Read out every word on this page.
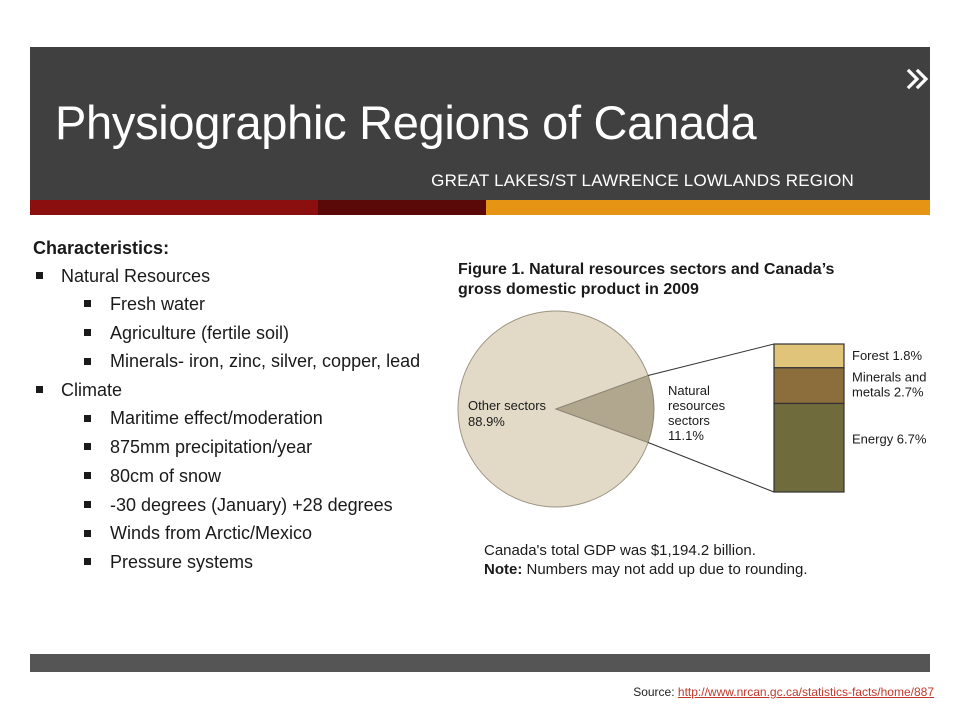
Physiographic Regions of Canada
GREAT LAKES/ST LAWRENCE LOWLANDS REGION
Characteristics:
Natural Resources
Fresh water
Agriculture (fertile soil)
Minerals- iron, zinc, silver, copper, lead
Climate
Maritime effect/moderation
875mm precipitation/year
80cm of snow
-30 degrees (January) +28 degrees
Winds from Arctic/Mexico
Pressure systems
Figure 1. Natural resources sectors and Canada’s gross domestic product in 2009
Other sectors 88.9%
Natural resources sectors 11.1%
Forest 1.8%
Minerals and metals 2.7%
Energy 6.7%
Canada's total GDP was $1,194.2 billion.
Note: Numbers may not add up due to rounding.
Source: http://www.nrcan.gc.ca/statistics-facts/home/887
